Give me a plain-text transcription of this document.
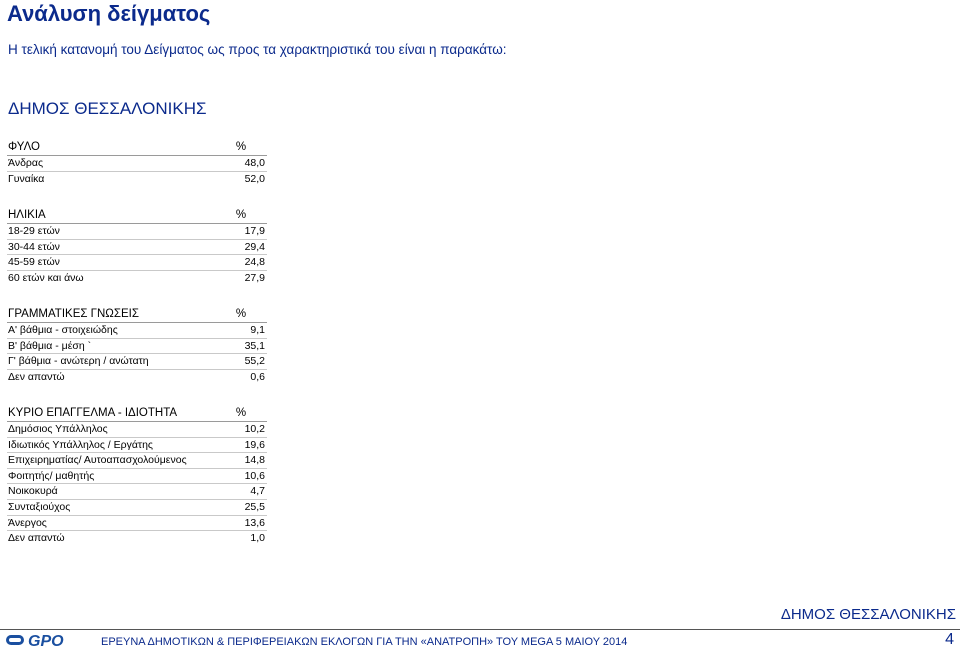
Ανάλυση δείγματος
Η τελική κατανομή του Δείγματος ως προς τα χαρακτηριστικά του είναι η παρακάτω:
ΔΗΜΟΣ ΘΕΣΣΑΛΟΝΙΚΗΣ
ΦΥΛΟ	%
Άνδρας	48,0
Γυναίκα	52,0
ΗΛΙΚΙΑ	%
18-29 ετών	17,9
30-44 ετών	29,4
45-59 ετών	24,8
60 ετών και άνω	27,9
ΓΡΑΜΜΑΤΙΚΕΣ ΓΝΩΣΕΙΣ	%
Α' βάθμια - στοιχειώδης	9,1
Β' βάθμια - μέση `	35,1
Γ' βάθμια - ανώτερη / ανώτατη	55,2
Δεν απαντώ	0,6
ΚΥΡΙΟ ΕΠΑΓΓΕΛΜΑ - ΙΔΙΟΤΗΤΑ	%
Δημόσιος Υπάλληλος	10,2
Ιδιωτικός Υπάλληλος / Εργάτης	19,6
Επιχειρηματίας/ Αυτοαπασχολούμενος	14,8
Φοιτητής/ μαθητής	10,6
Νοικοκυρά	4,7
Συνταξιούχος	25,5
Άνεργος	13,6
Δεν απαντώ	1,0
ΔΗΜΟΣ ΘΕΣΣΑΛΟΝΙΚΗΣ
GPO	ΕΡΕΥΝΑ ΔΗΜΟΤΙΚΩΝ & ΠΕΡΙΦΕΡΕΙΑΚΩΝ ΕΚΛΟΓΩΝ ΓΙΑ ΤΗΝ «ΑΝΑΤΡΟΠΗ» ΤΟΥ MEGA 5 ΜΑΙΟΥ 2014	4
